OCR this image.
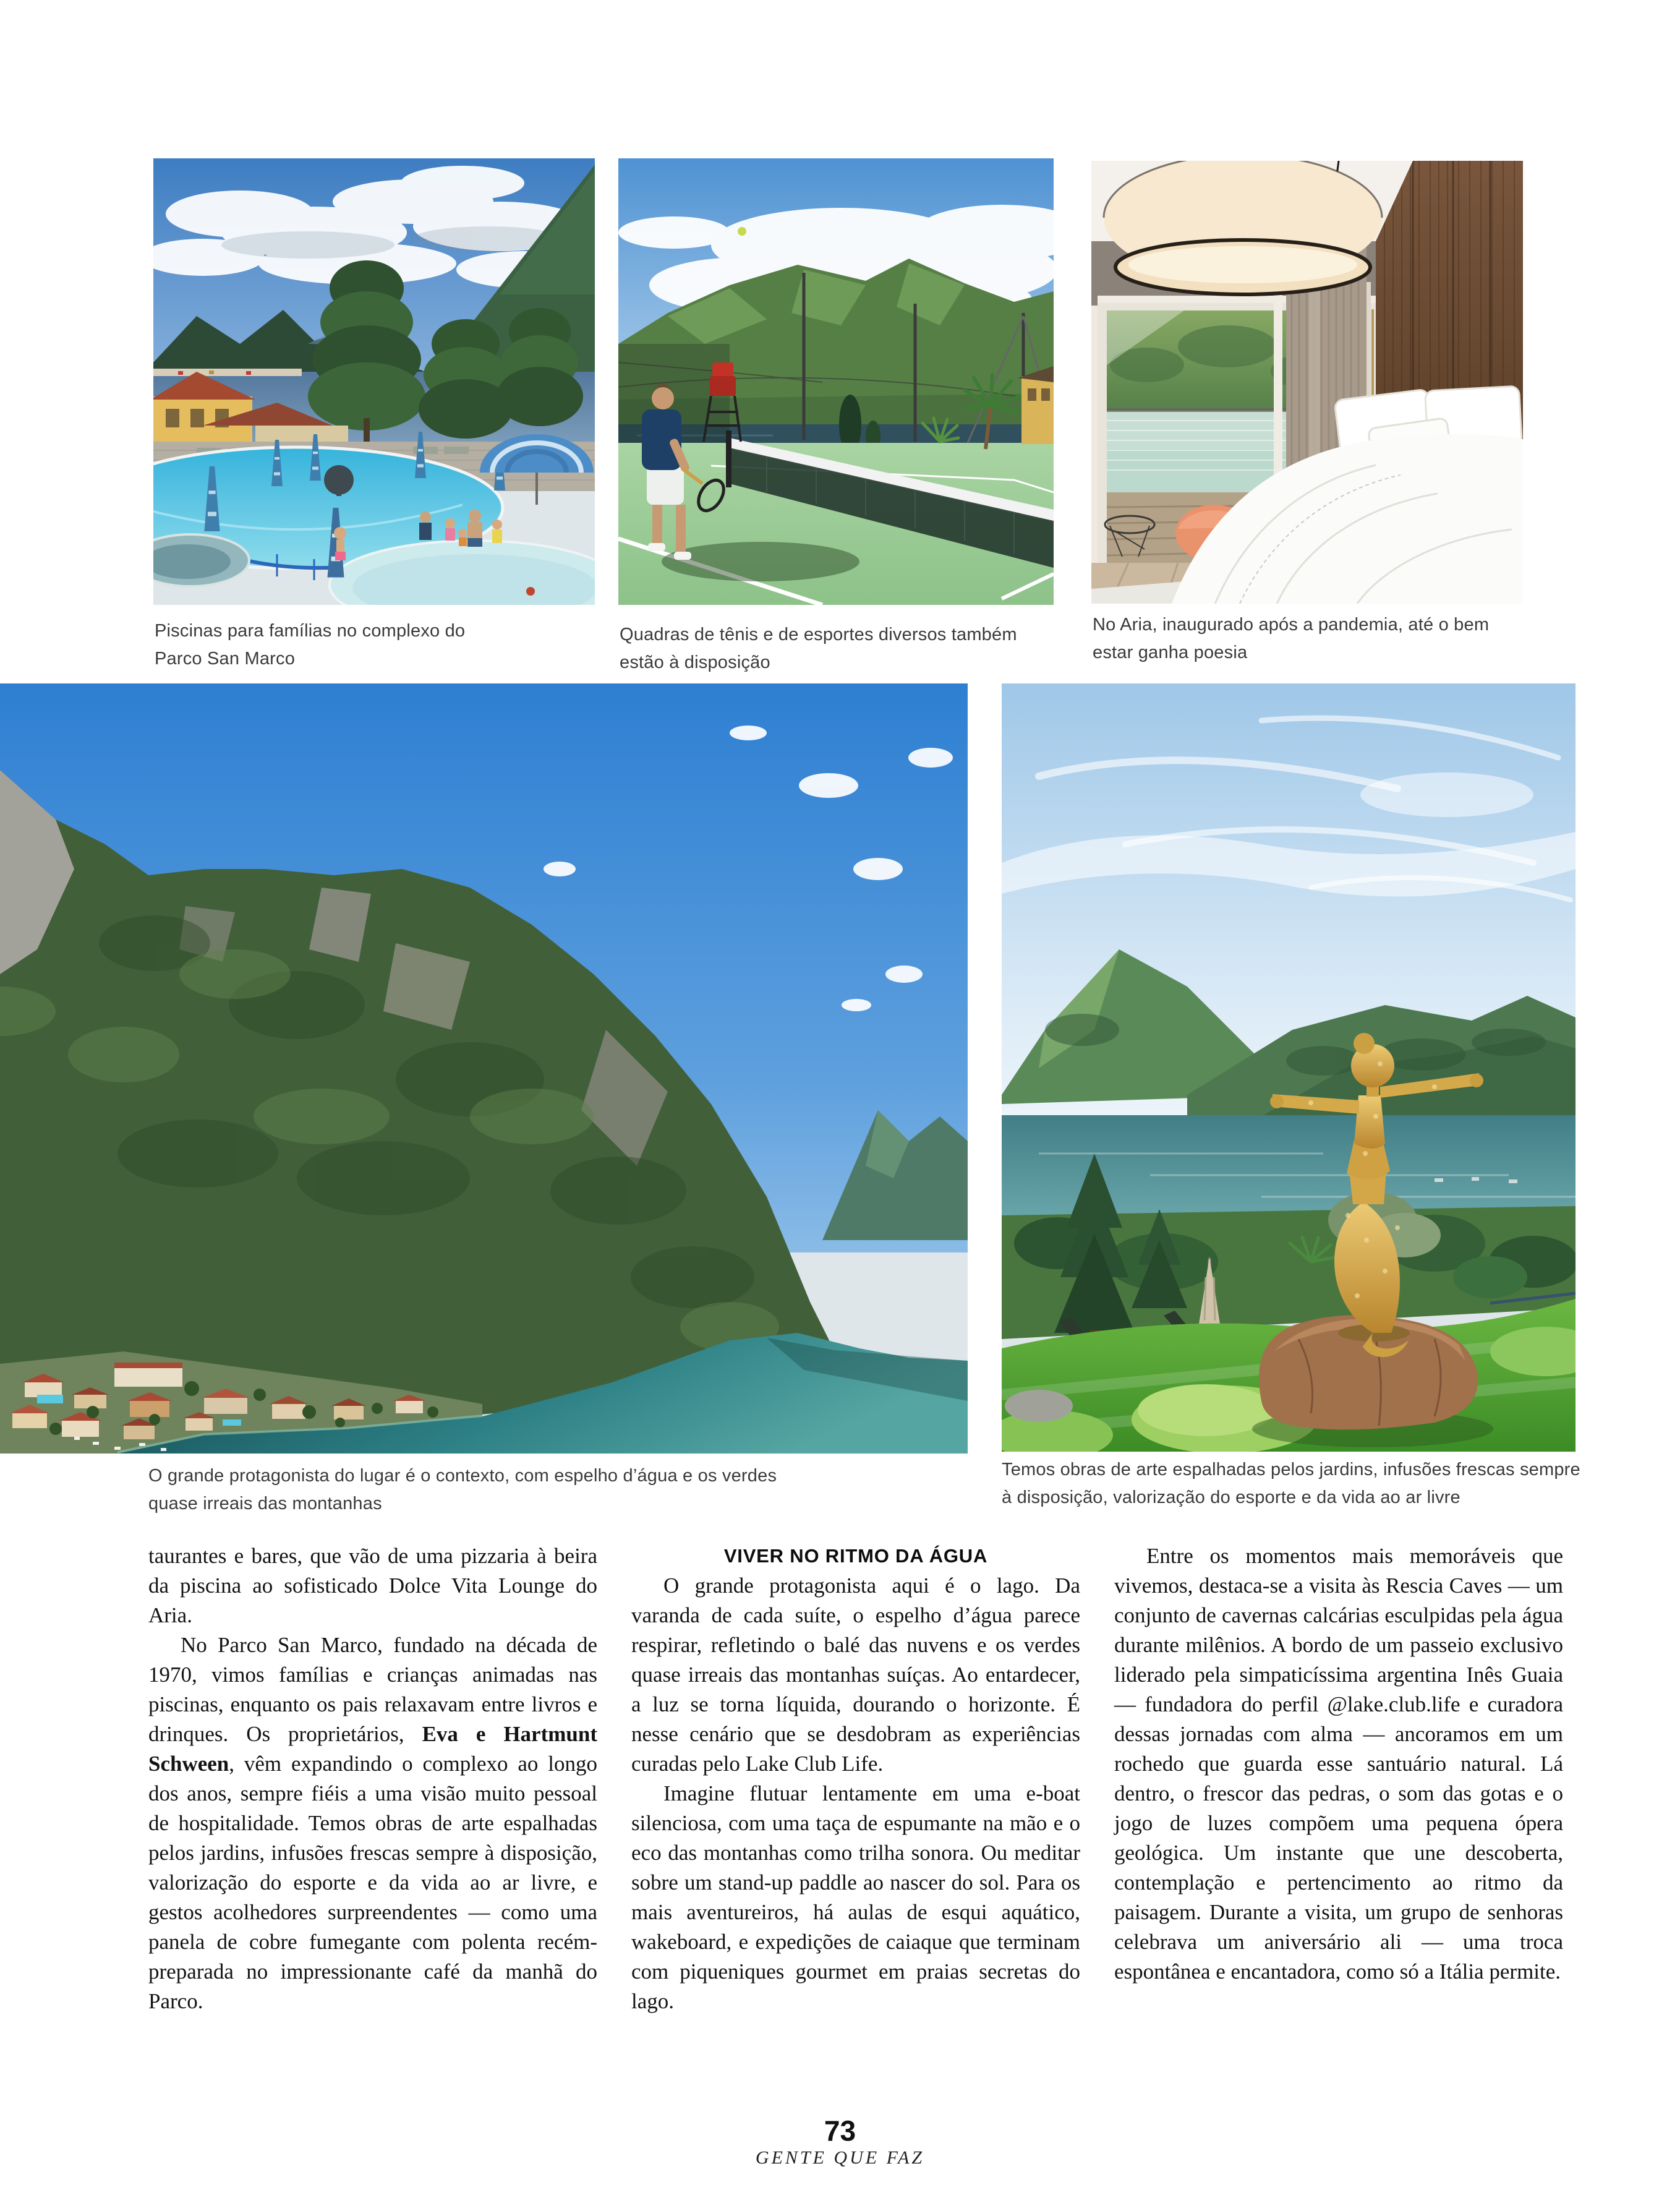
Piscinas para famílias no complexo do Parco San Marco
Quadras de tênis e de esportes diversos também estão à disposição
No Aria, inaugurado após a pandemia, até o bem estar ganha poesia
O grande protagonista do lugar é o contexto, com espelho d’água e os verdes quase irreais das montanhas
Temos obras de arte espalhadas pelos jardins, infusões frescas sempre à disposição, valorização do esporte e da vida ao ar livre

taurantes e bares, que vão de uma pizzaria à beira da piscina ao sofisticado Dolce Vita Lounge do Aria.

No Parco San Marco, fundado na década de 1970, vimos famílias e crianças animadas nas piscinas, enquanto os pais relaxavam entre livros e drinques. Os proprietários, Eva e Hartmunt Schween, vêm expandindo o complexo ao longo dos anos, sempre fiéis a uma visão muito pessoal de hospitalidade. Temos obras de arte espalhadas pelos jardins, infusões frescas sempre à disposição, valorização do esporte e da vida ao ar livre, e gestos acolhedores surpreendentes — como uma panela de cobre fumegante com polenta recém-preparada no impressionante café da manhã do Parco.

VIVER NO RITMO DA ÁGUA

O grande protagonista aqui é o lago. Da varanda de cada suíte, o espelho d’água parece respirar, refletindo o balé das nuvens e os verdes quase irreais das montanhas suíças. Ao entardecer, a luz se torna líquida, dourando o horizonte. É nesse cenário que se desdobram as experiências curadas pelo Lake Club Life.

Imagine flutuar lentamente em uma e-boat silenciosa, com uma taça de espumante na mão e o eco das montanhas como trilha sonora. Ou meditar sobre um stand-up paddle ao nascer do sol. Para os mais aventureiros, há aulas de esqui aquático, wakeboard, e expedições de caiaque que terminam com piqueniques gourmet em praias secretas do lago.

Entre os momentos mais memoráveis que vivemos, destaca-se a visita às Rescia Caves — um conjunto de cavernas calcárias esculpidas pela água durante milênios. A bordo de um passeio exclusivo liderado pela simpaticíssima argentina Inês Guaia — fundadora do perfil @lake.club.life e curadora dessas jornadas com alma — ancoramos em um rochedo que guarda esse santuário natural. Lá dentro, o frescor das pedras, o som das gotas e o jogo de luzes compõem uma pequena ópera geológica. Um instante que une descoberta, contemplação e pertencimento ao ritmo da paisagem. Durante a visita, um grupo de senhoras celebrava um aniversário ali — uma troca espontânea e encantadora, como só a Itália permite.

73
GENTE QUE FAZ
